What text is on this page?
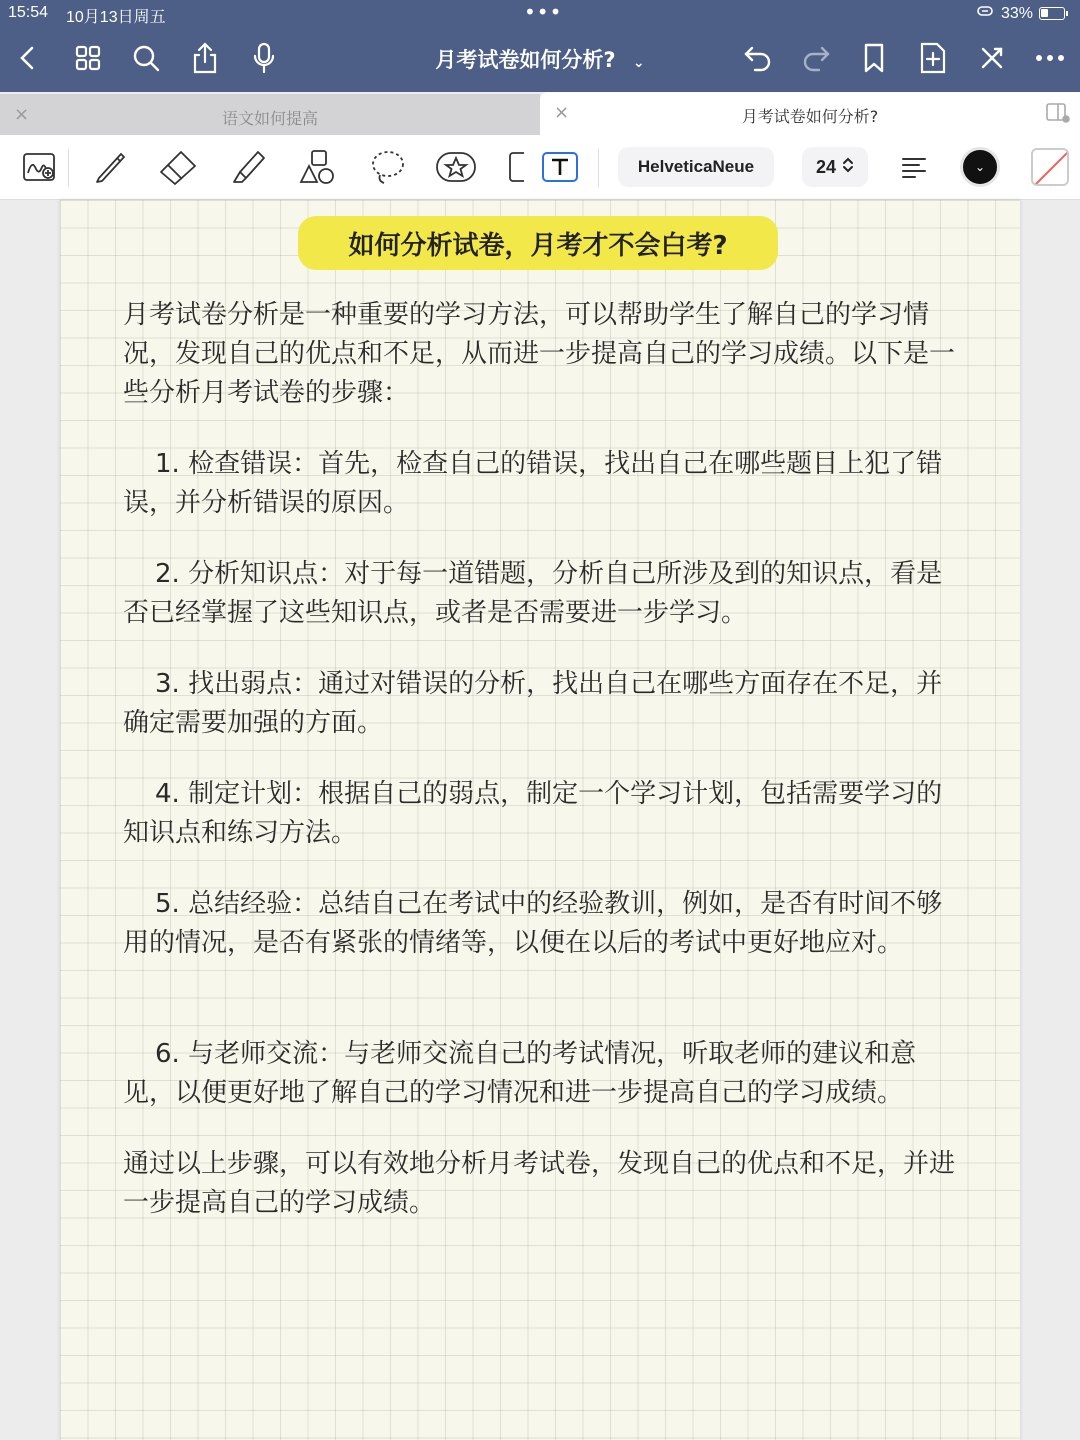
15:54 10月13日周五	•••	33%
月考试卷如何分析? ⌄
×	语文如何提高	×	月考试卷如何分析?
HelveticaNeue	24	⌄
如何分析试卷，月考才不会白考?
月考试卷分析是一种重要的学习方法，可以帮助学生了解自己的学习情况，发现自己的优点和不足，从而进一步提高自己的学习成绩。以下是一些分析月考试卷的步骤：
1. 检查错误：首先，检查自己的错误，找出自己在哪些题目上犯了错误，并分析错误的原因。
2. 分析知识点：对于每一道错题，分析自己所涉及到的知识点，看是否已经掌握了这些知识点，或者是否需要进一步学习。
3. 找出弱点：通过对错误的分析，找出自己在哪些方面存在不足，并确定需要加强的方面。
4. 制定计划：根据自己的弱点，制定一个学习计划，包括需要学习的知识点和练习方法。
5. 总结经验：总结自己在考试中的经验教训，例如，是否有时间不够用的情况，是否有紧张的情绪等，以便在以后的考试中更好地应对。
6. 与老师交流：与老师交流自己的考试情况，听取老师的建议和意见，以便更好地了解自己的学习情况和进一步提高自己的学习成绩。
通过以上步骤，可以有效地分析月考试卷，发现自己的优点和不足，并进一步提高自己的学习成绩。
